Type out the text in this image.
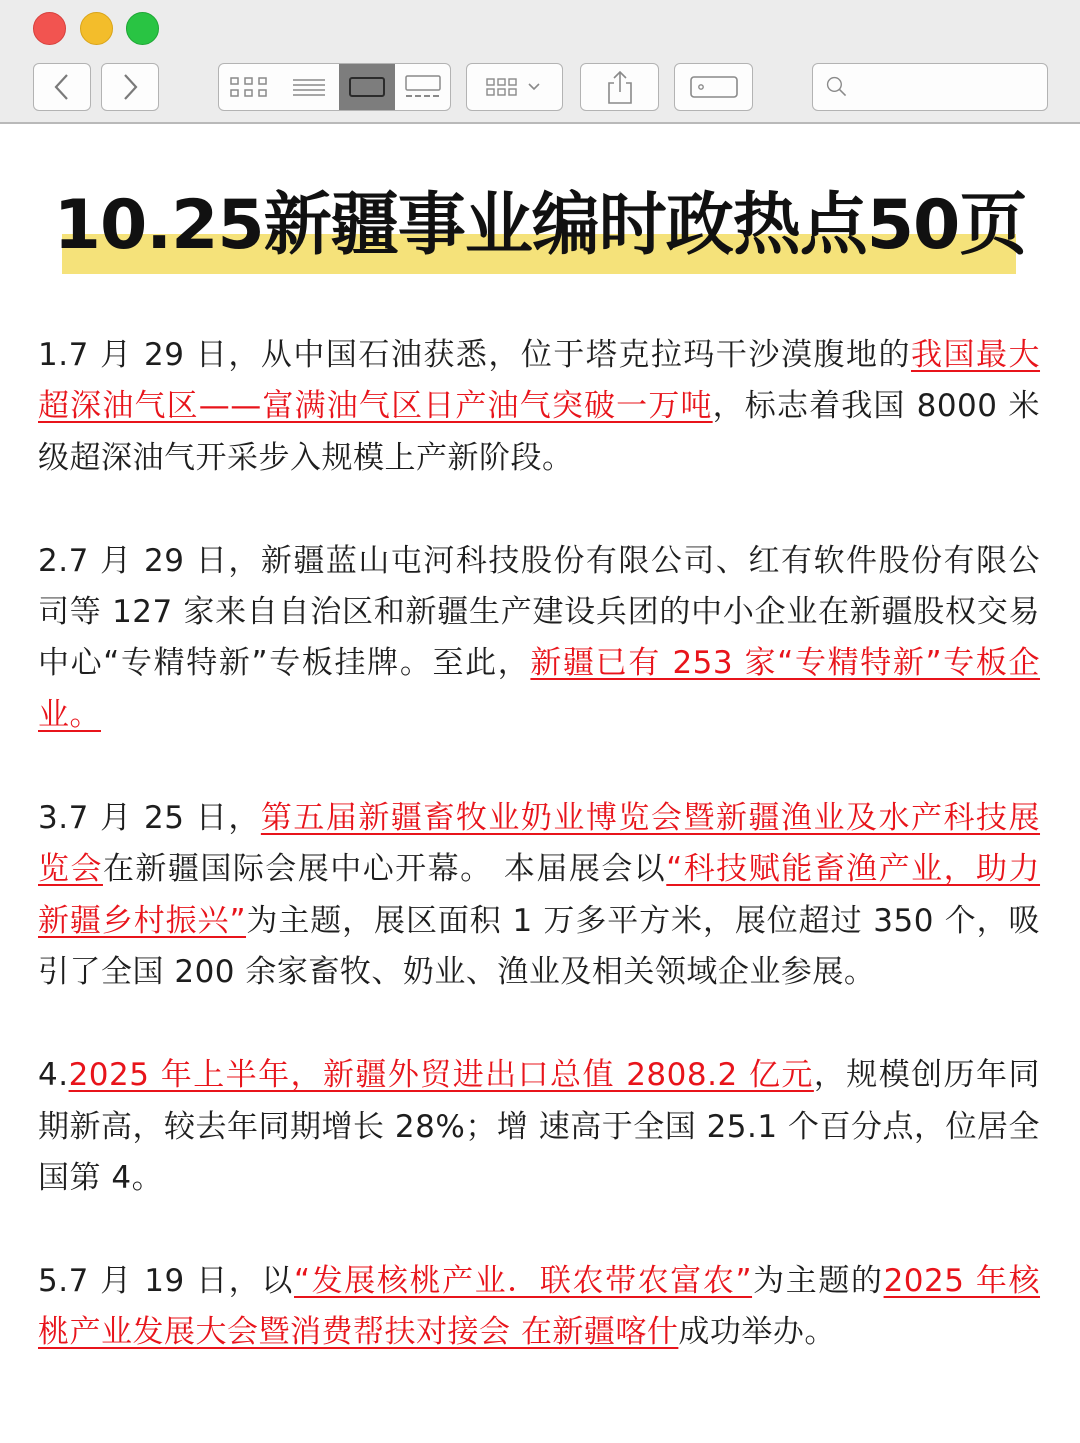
10.25新疆事业编时政热点50页

1.7 月 29 日，从中国石油获悉，位于塔克拉玛干沙漠腹地的我国最大超深油气区——富满油气区日产油气突破一万吨，标志着我国 8000 米级超深油气开采步入规模上产新阶段。

2.7 月 29 日，新疆蓝山屯河科技股份有限公司、红有软件股份有限公司等 127 家来自自治区和新疆生产建设兵团的中小企业在新疆股权交易中心“专精特新”专板挂牌。至此，新疆已有 253 家“专精特新”专板企业。

3.7 月 25 日，第五届新疆畜牧业奶业博览会暨新疆渔业及水产科技展览会在新疆国际会展中心开幕。 本届展会以“科技赋能畜渔产业，助力新疆乡村振兴”为主题，展区面积 1 万多平方米，展位超过 350 个，吸 引了全国 200 余家畜牧、奶业、渔业及相关领域企业参展。

4.2025 年上半年，新疆外贸进出口总值 2808.2 亿元，规模创历年同期新高，较去年同期增长 28%；增 速高于全国 25.1 个百分点，位居全国第 4。

5.7 月 19 日，以“发展核桃产业．联农带农富农”为主题的2025 年核桃产业发展大会暨消费帮扶对接会 在新疆喀什成功举办。
